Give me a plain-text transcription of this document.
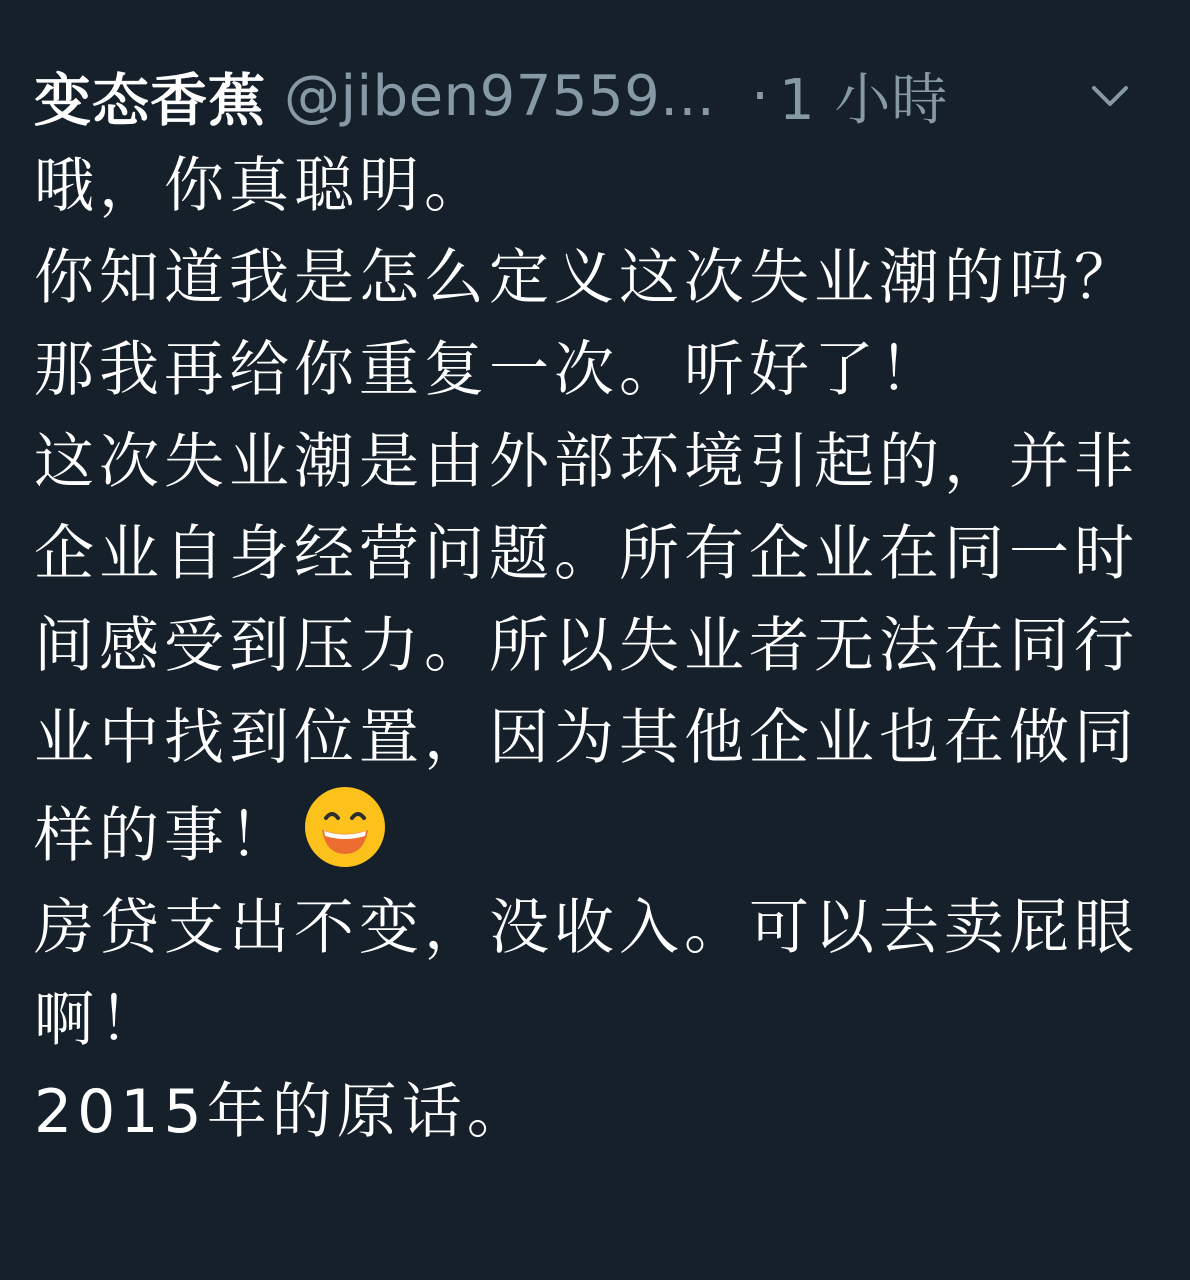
变态香蕉 @jiben97559... · 1 小時

哦，你真聪明。

你知道我是怎么定义这次失业潮的吗？

那我再给你重复一次。听好了！

这次失业潮是由外部环境引起的，并非企业自身经营问题。所有企业在同一时间感受到压力。所以失业者无法在同行业中找到位置，因为其他企业也在做同样的事！

房贷支出不变，没收入。可以去卖屁眼啊！

2015年的原话。
